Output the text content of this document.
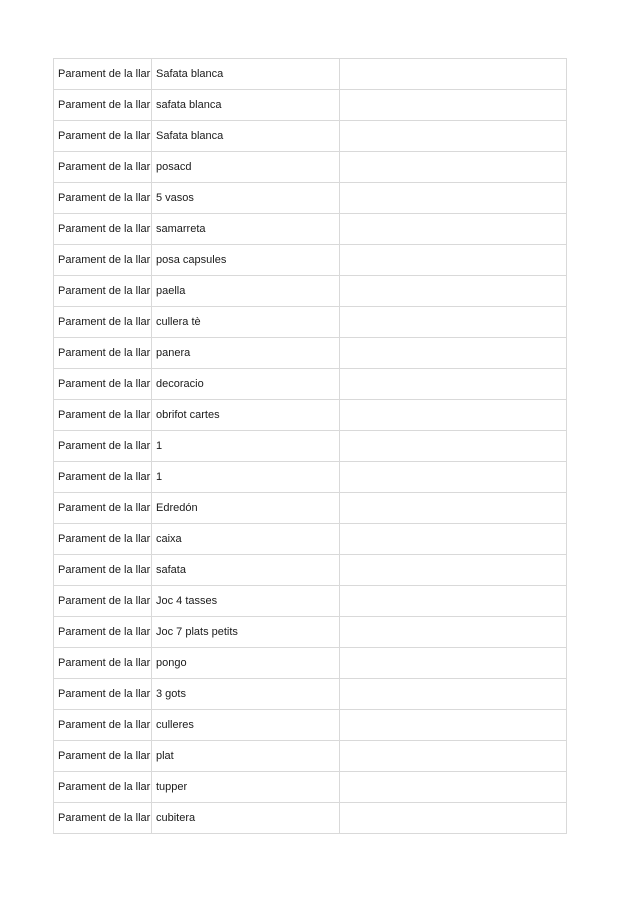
Parament de la llar	Safata blanca	
Parament de la llar	safata blanca	
Parament de la llar	Safata blanca	
Parament de la llar	posacd	
Parament de la llar	5 vasos	
Parament de la llar	samarreta	
Parament de la llar	posa capsules	
Parament de la llar	paella	
Parament de la llar	cullera tè	
Parament de la llar	panera	
Parament de la llar	decoracio	
Parament de la llar	obrifot cartes	
Parament de la llar	1	
Parament de la llar	1	
Parament de la llar	Edredón	
Parament de la llar	caixa	
Parament de la llar	safata	
Parament de la llar	Joc 4 tasses	
Parament de la llar	Joc 7 plats petits	
Parament de la llar	pongo	
Parament de la llar	3 gots	
Parament de la llar	culleres	
Parament de la llar	plat	
Parament de la llar	tupper	
Parament de la llar	cubitera	
